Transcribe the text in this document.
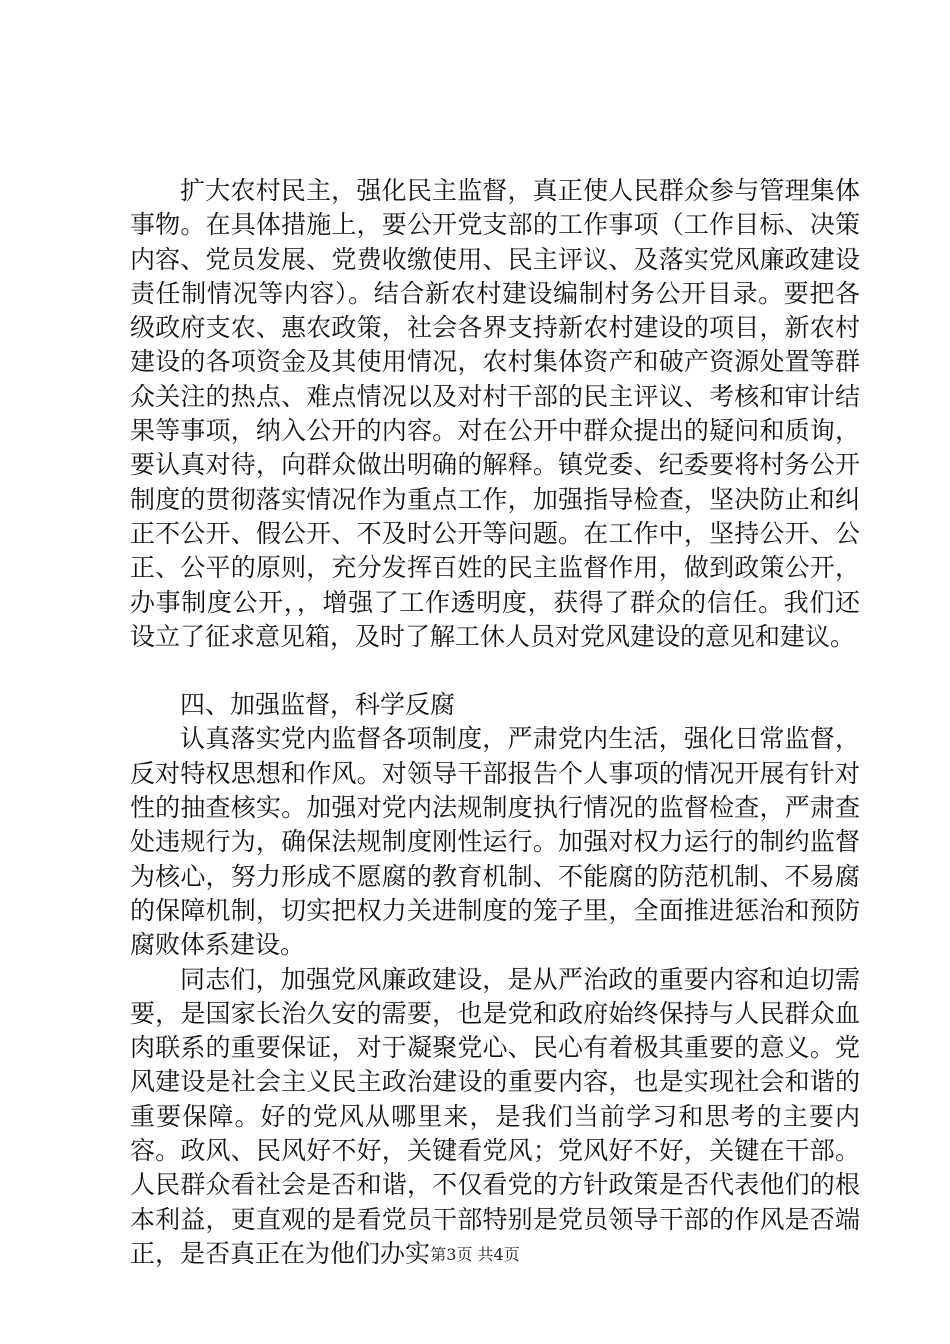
扩大农村民主，强化民主监督，真正使人民群众参与管理集体事物。在具体措施上，要公开党支部的工作事项（工作目标、决策内容、党员发展、党费收缴使用、民主评议、及落实党风廉政建设责任制情况等内容）。结合新农村建设编制村务公开目录。要把各级政府支农、惠农政策，社会各界支持新农村建设的项目，新农村建设的各项资金及其使用情况，农村集体资产和破产资源处置等群众关注的热点、难点情况以及对村干部的民主评议、考核和审计结果等事项，纳入公开的内容。对在公开中群众提出的疑问和质询，要认真对待，向群众做出明确的解释。镇党委、纪委要将村务公开制度的贯彻落实情况作为重点工作，加强指导检查，坚决防止和纠正不公开、假公开、不及时公开等问题。在工作中，坚持公开、公正、公平的原则，充分发挥百姓的民主监督作用，做到政策公开，办事制度公开，，增强了工作透明度，获得了群众的信任。我们还设立了征求意见箱，及时了解工休人员对党风建设的意见和建议。

四、加强监督，科学反腐

认真落实党内监督各项制度，严肃党内生活，强化日常监督，反对特权思想和作风。对领导干部报告个人事项的情况开展有针对性的抽查核实。加强对党内法规制度执行情况的监督检查，严肃查处违规行为，确保法规制度刚性运行。加强对权力运行的制约监督为核心，努力形成不愿腐的教育机制、不能腐的防范机制、不易腐的保障机制，切实把权力关进制度的笼子里，全面推进惩治和预防腐败体系建设。

同志们，加强党风廉政建设，是从严治政的重要内容和迫切需要，是国家长治久安的需要，也是党和政府始终保持与人民群众血肉联系的重要保证，对于凝聚党心、民心有着极其重要的意义。党风建设是社会主义民主政治建设的重要内容，也是实现社会和谐的重要保障。好的党风从哪里来，是我们当前学习和思考的主要内容。政风、民风好不好，关键看党风；党风好不好，关键在干部。人民群众看社会是否和谐，不仅看党的方针政策是否代表他们的根本利益，更直观的是看党员干部特别是党员领导干部的作风是否端正，是否真正在为他们办实 第3页 共4页
